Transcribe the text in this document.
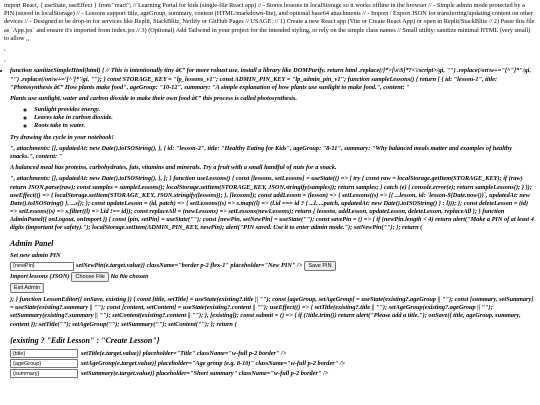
import React, { useState, useEffect } from "react"; // Learning Portal for kids (single-file React app) // - Stores lessons in localStorage so it works offline in the browser // - Simple admin mode protected by a PIN (stored in localStorage) // - Lessons support title, ageGroup, summary, content (HTML/markdown-lite), and optional base64 attachments // - Import / Export JSON for transferring/updating content on other devices // - Designed to be drop-in for services like Replit, StackBlitz, Netlify or GitHub Pages // USAGE: // 1) Create a new React app (Vite or Create React App) or open in Replit/StackBlitz // 2) Paste this file as `App.jsx` and ensure it's imported from index.jsx // 3) (Optional) Add Tailwind in your project for the intended styling, or rely on the simple class names // Small utility: sanitize minimal HTML (very small) to allow ,,

,
,
• function sanitizeSimpleHtml(html) { // This is intentionally tiny â€” for more robust use, install a library like DOMPurify. return html .replace(/]*>[\s\S]*?<\/script>/gi, "") .replace(/on\w+="[^"]*"/gi, "") .replace(/on\w+='[^']*'/gi, ""); } const STORAGE_KEY = "lp_lessons_v1"; const ADMIN_PIN_KEY = "lp_admin_pin_v1"; function sampleLessons() { return [ { id: "lesson-1", title: "Photosynthesis â€” How plants make food", ageGroup: "10-12", summary: "A simple explanation of how plants use sunlight to make food.", content: "

Plants use sunlight, water and carbon dioxide to make their own food â€” this process is called photosynthesis.

◦ Sunlight provides energy.
◦ Leaves take in carbon dioxide.
◦ Roots take in water.

Try drawing the cycle in your notebook!

", attachments: [], updatedAt: new Date().toISOString(), }, { id: "lesson-2", title: "Healthy Eating for Kids", ageGroup: "8-11", summary: "Why balanced meals matter and examples of healthy snacks.", content: "

A balanced meal has proteins, carbohydrates, fats, vitamins and minerals. Try a fruit with a small handful of nuts for a snack.

", attachments: [], updatedAt: new Date().toISOString(), }, ]; } function useLessons() { const [lessons, setLessons] = useState(() => { try { const raw = localStorage.getItem(STORAGE_KEY); if (raw) return JSON.parse(raw); const samples = sampleLessons(); localStorage.setItem(STORAGE_KEY, JSON.stringify(samples)); return samples; } catch (e) { console.error(e); return sampleLessons(); } }); useEffect(() => { localStorage.setItem(STORAGE_KEY, JSON.stringify(lessons)); }, [lessons]); const addLesson = (lesson) => { setLessons((s) => [{ ...lesson, id: `lesson-${Date.now()}`, updatedAt: new Date().toISOString() }, ...s]); }; const updateLesson = (id, patch) => { setLessons((s) => s.map((l) => (l.id === id ? { ...l, ...patch, updatedAt: new Date().toISOString() } : l))); }; const deleteLesson = (id) => setLessons((s) => s.filter((l) => l.id !== id)); const replaceAll = (newLessons) => setLessons(newLessons); return { lessons, addLesson, updateLesson, deleteLesson, replaceAll }; } function AdminPanel({ onLogout, onImport }) { const [pin, setPin] = useState(""); const [newPin, setNewPin] = useState(""); const savePin = () => { if (newPin.length < 4) return alert("Make a PIN of at least 4 digits (important for safety)."); localStorage.setItem(ADMIN_PIN_KEY, newPin); alert("PIN saved. Use it to enter admin mode."); setNewPin(""); }; return (

Admin Panel
Set new admin PIN
{newPin}
setNewPin(e.target.value)} className="border p-2 flex-1" placeholder="New PIN" />	Save PIN
Import lessons (JSON)	Choose File	No file chosen
Exit Admin

); } function LessonEditor({ onSave, existing }) { const [title, setTitle] = useState(existing?.title || ""); const [ageGroup, setAgeGroup] = useState(existing?.ageGroup || ""); const [summary, setSummary] = useState(existing?.summary || ""); const [content, setContent] = useState(existing?.content || ""); useEffect(() => { setTitle(existing?.title || ""); setAgeGroup(existing?.ageGroup || ""); setSummary(existing?.summary || ""); setContent(existing?.content || ""); }, [existing]); const submit = () => { if (!title.trim()) return alert("Please add a title."); onSave({ title, ageGroup, summary, content }); setTitle(""); setAgeGroup(""); setSummary(""); setContent(""); }; return (

{existing ? "Edit Lesson" : "Create Lesson"}
{title}
setTitle(e.target.value)} placeholder="Title" className="w-full p-2 border" />
{ageGroup}
setAgeGroup(e.target.value)} placeholder="Age group (e.g. 8-10)" className="w-full p-2 border" />
{summary}
setSummary(e.target.value)} placeholder="Short summary" className="w-full p-2 border" />
